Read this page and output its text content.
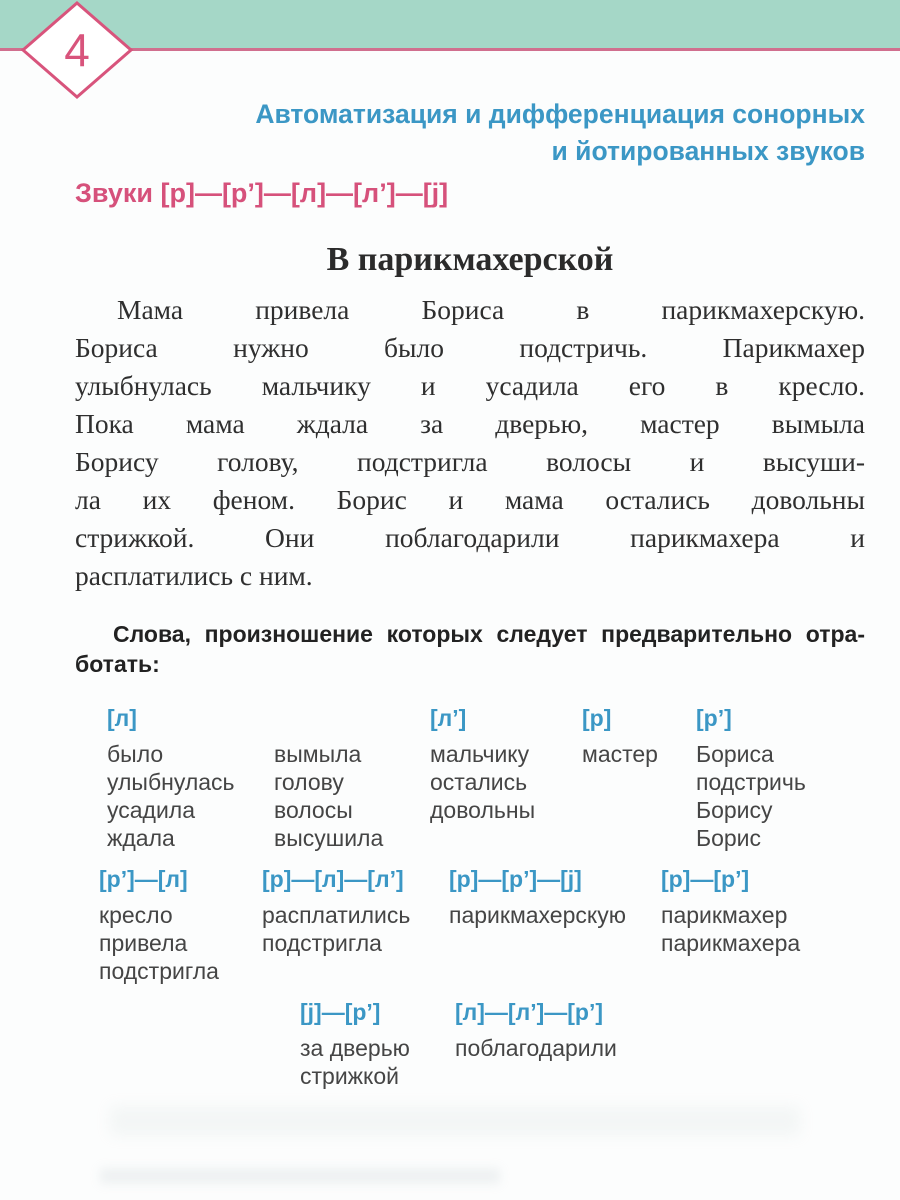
4
Автоматизация и дифференциация сонорных
и йотированных звуков
Звуки [р]—[р’]—[л]—[л’]—[j]
В парикмахерской
Мама привела Бориса в парикмахерскую.
Бориса нужно было подстричь. Парикмахер
улыбнулась мальчику и усадила его в кресло.
Пока мама ждала за дверью, мастер вымыла
Борису голову, подстригла волосы и высуши-
ла их феном. Борис и мама остались довольны
стрижкой. Они поблагодарили парикмахера и
расплатились с ним.
Слова, произношение которых следует предварительно отра-
ботать:
[л]
было
улыбнулась
усадила
ждала
вымыла
голову
волосы
высушила
[л’]
мальчику
остались
довольны
[р]
мастер
[р’]
Бориса
подстричь
Борису
Борис
[р’]—[л]
кресло
привела
подстригла
[р]—[л]—[л’]
расплатились
подстригла
[р]—[р’]—[j]
парикмахерскую
[р]—[р’]
парикмахер
парикмахера
[j]—[р’]
за дверью
стрижкой
[л]—[л’]—[р’]
поблагодарили
